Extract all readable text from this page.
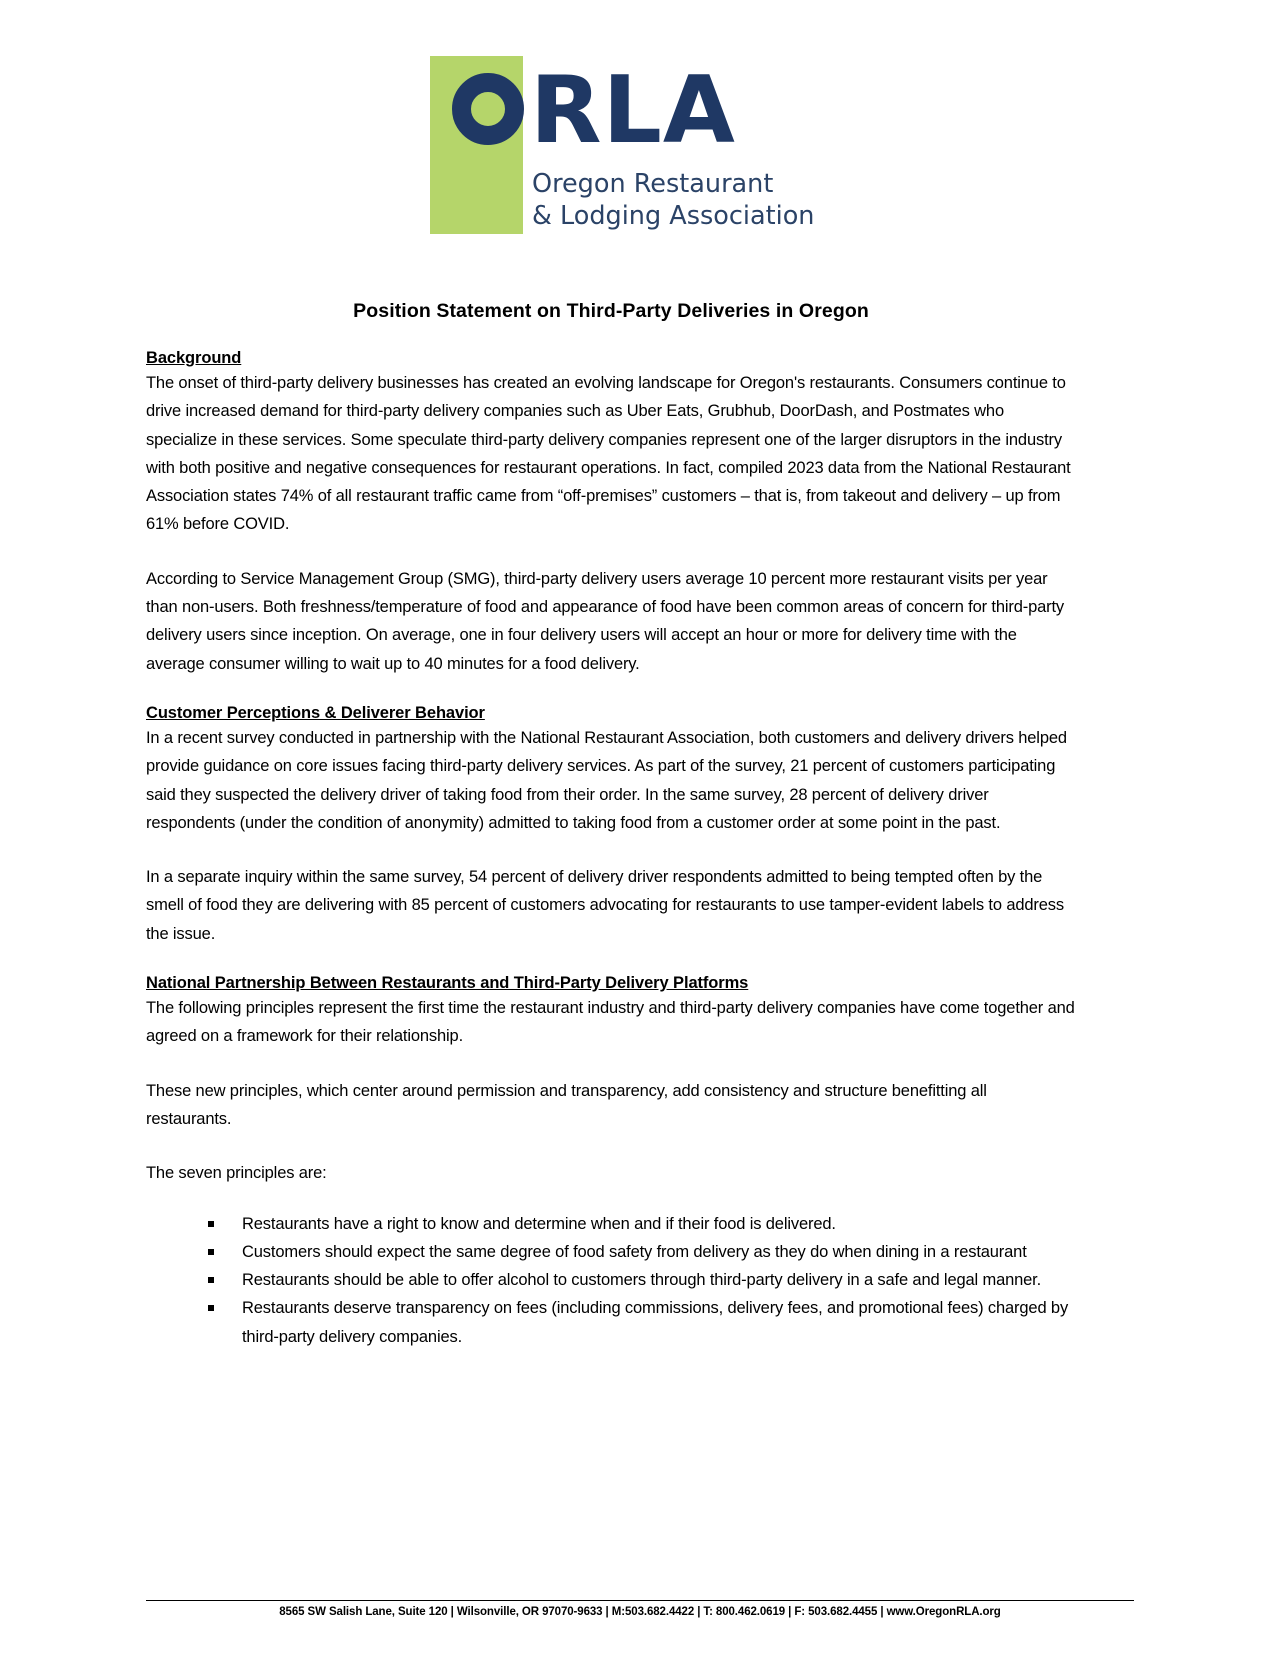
RLA
Oregon Restaurant
& Lodging Association
Position Statement on Third-Party Deliveries in Oregon
Background

The onset of third-party delivery businesses has created an evolving landscape for Oregon's restaurants. Consumers continue to drive increased demand for third-party delivery companies such as Uber Eats, Grubhub, DoorDash, and Postmates who specialize in these services. Some speculate third-party delivery companies represent one of the larger disruptors in the industry with both positive and negative consequences for restaurant operations. In fact, compiled 2023 data from the National Restaurant Association states 74% of all restaurant traffic came from “off-premises” customers – that is, from takeout and delivery – up from 61% before COVID.

According to Service Management Group (SMG), third-party delivery users average 10 percent more restaurant visits per year than non-users. Both freshness/temperature of food and appearance of food have been common areas of concern for third-party delivery users since inception. On average, one in four delivery users will accept an hour or more for delivery time with the average consumer willing to wait up to 40 minutes for a food delivery.

Customer Perceptions & Deliverer Behavior

In a recent survey conducted in partnership with the National Restaurant Association, both customers and delivery drivers helped provide guidance on core issues facing third-party delivery services. As part of the survey, 21 percent of customers participating said they suspected the delivery driver of taking food from their order. In the same survey, 28 percent of delivery driver respondents (under the condition of anonymity) admitted to taking food from a customer order at some point in the past.

In a separate inquiry within the same survey, 54 percent of delivery driver respondents admitted to being tempted often by the smell of food they are delivering with 85 percent of customers advocating for restaurants to use tamper-evident labels to address the issue.

National Partnership Between Restaurants and Third-Party Delivery Platforms

The following principles represent the first time the restaurant industry and third-party delivery companies have come together and agreed on a framework for their relationship.

These new principles, which center around permission and transparency, add consistency and structure benefitting all restaurants.

The seven principles are:

Restaurants have a right to know and determine when and if their food is delivered.
Customers should expect the same degree of food safety from delivery as they do when dining in a restaurant
Restaurants should be able to offer alcohol to customers through third-party delivery in a safe and legal manner.
Restaurants deserve transparency on fees (including commissions, delivery fees, and promotional fees) charged by third-party delivery companies.
8565 SW Salish Lane, Suite 120 | Wilsonville, OR 97070-9633 | M:503.682.4422 | T: 800.462.0619 | F: 503.682.4455 | www.OregonRLA.org
